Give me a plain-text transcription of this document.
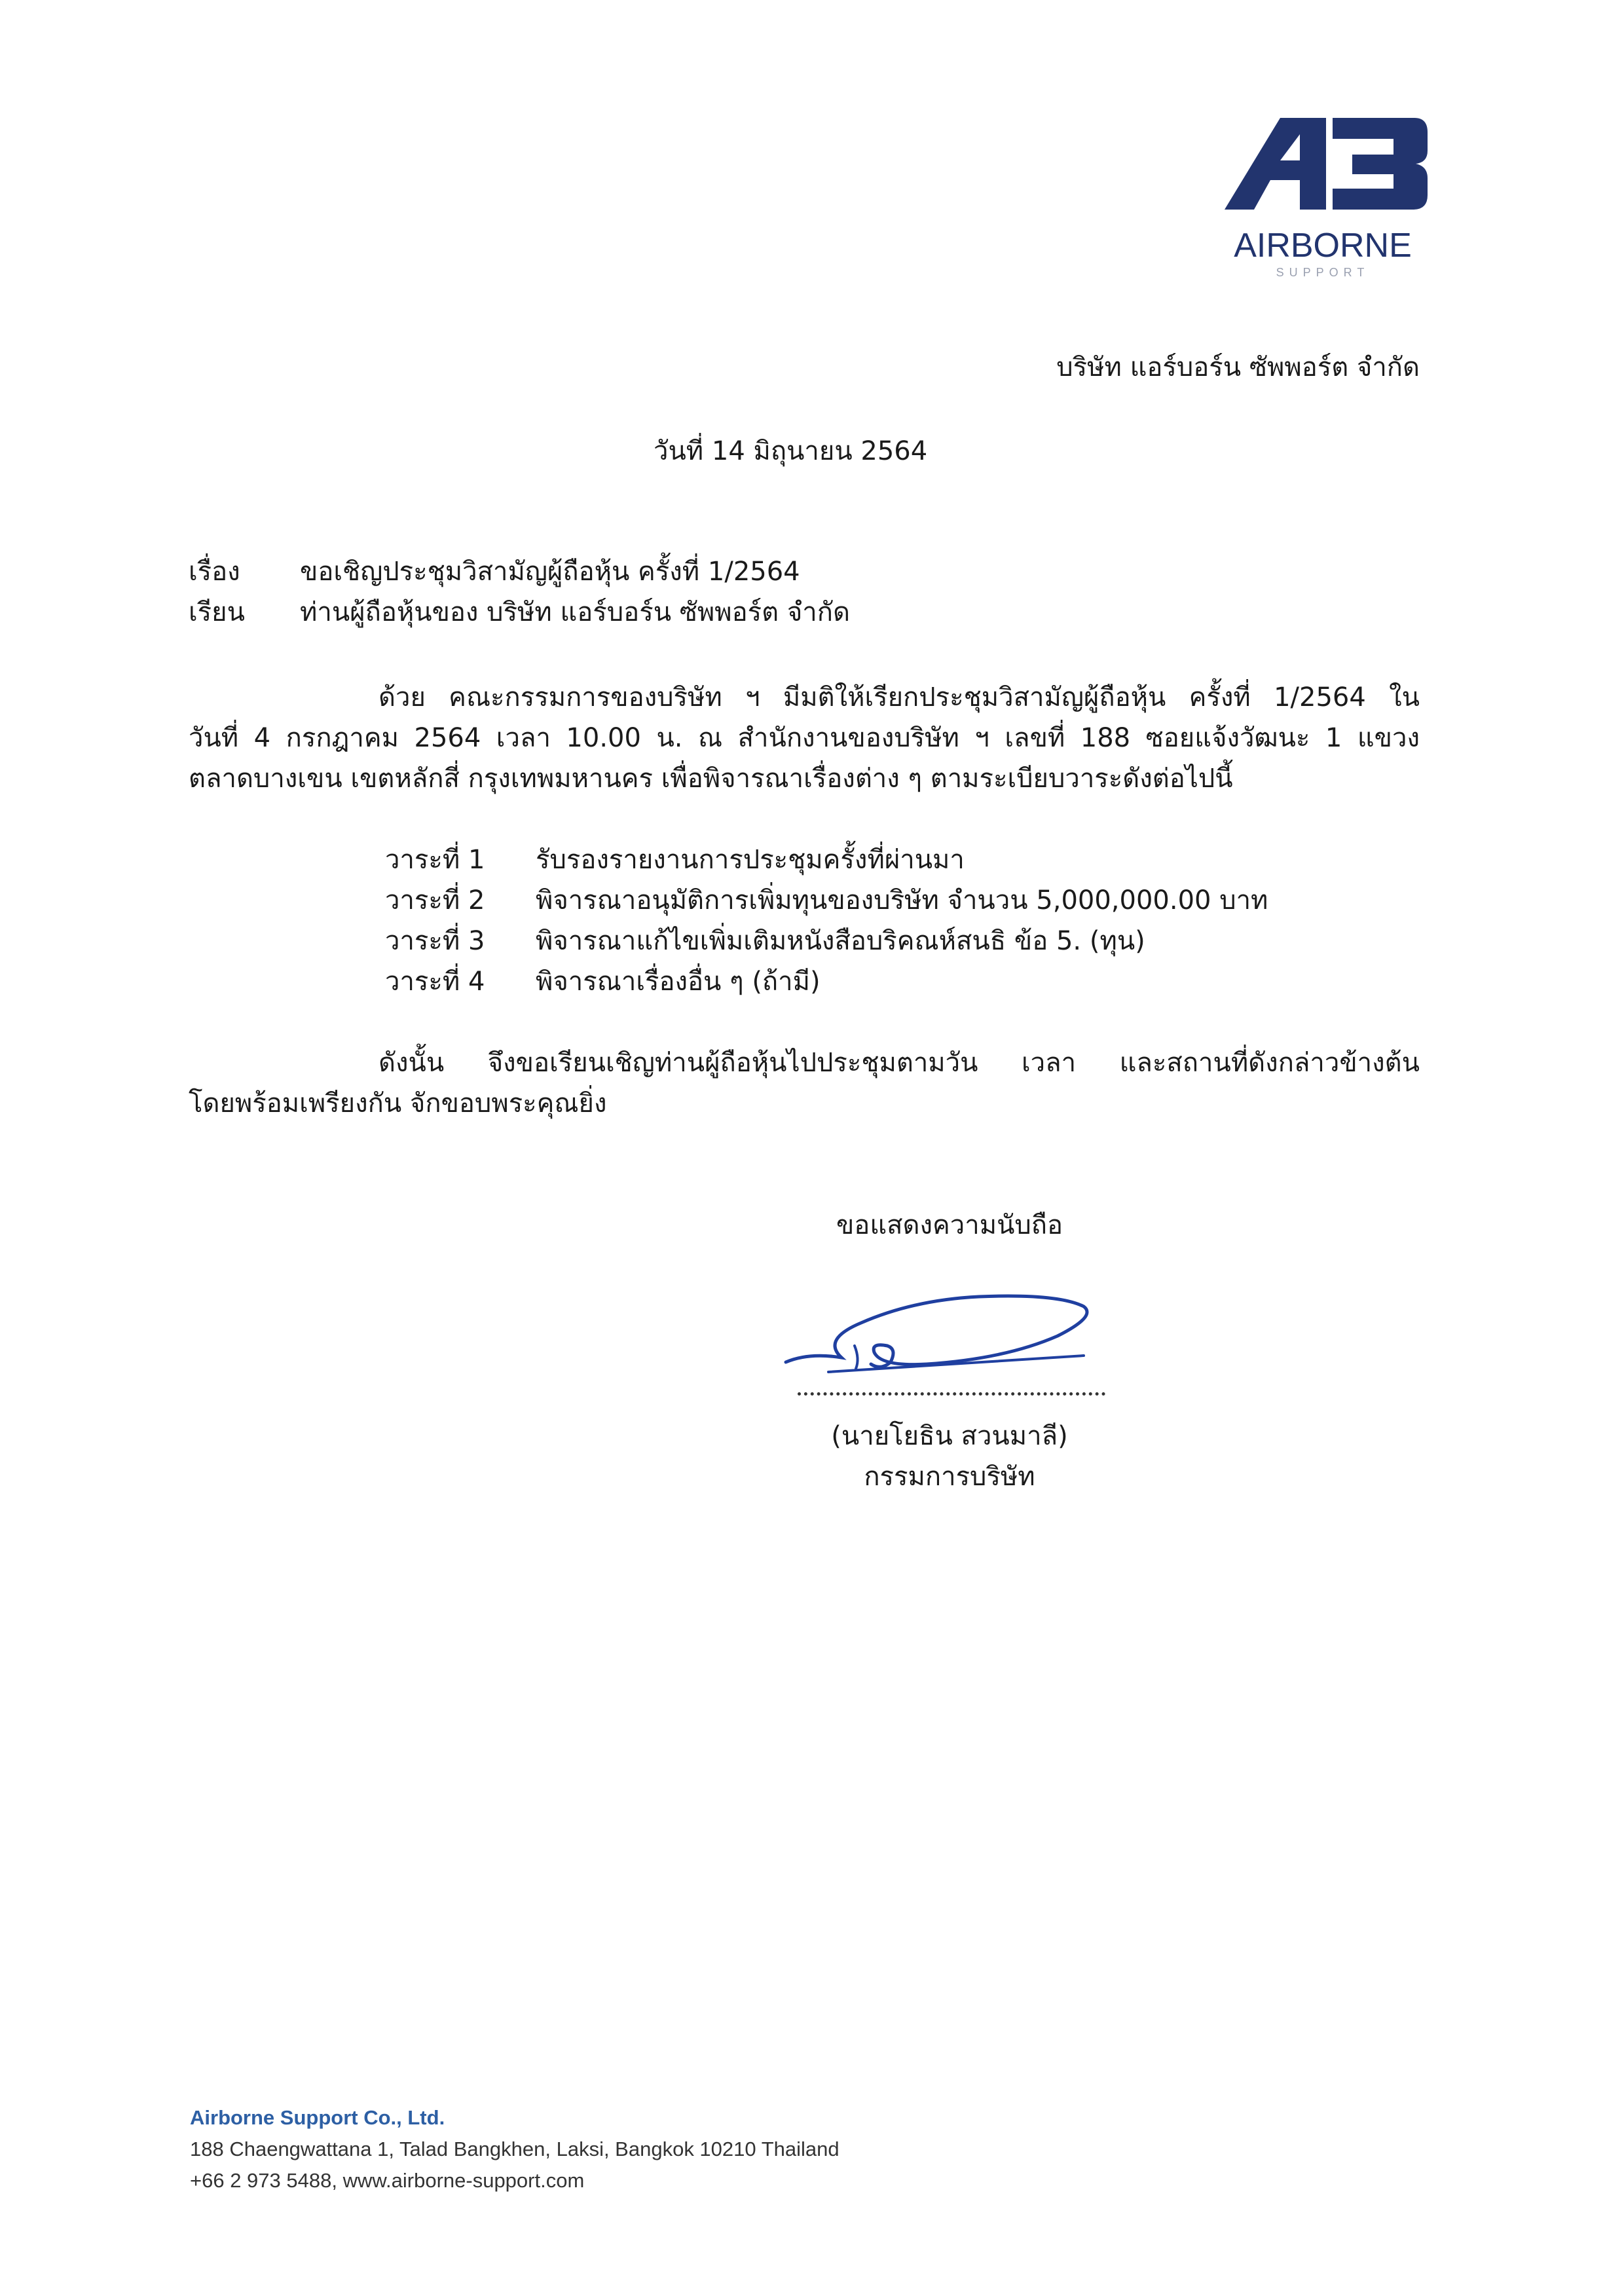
AIRBORNE
SUPPORT
บริษัท แอร์บอร์น ซัพพอร์ต จำกัด
วันที่ 14 มิถุนายน 2564
เรื่อง ขอเชิญประชุมวิสามัญผู้ถือหุ้น ครั้งที่ 1/2564
เรียน ท่านผู้ถือหุ้นของ บริษัท แอร์บอร์น ซัพพอร์ต จำกัด
ด้วย คณะกรรมการของบริษัท ฯ มีมติให้เรียกประชุมวิสามัญผู้ถือหุ้น ครั้งที่ 1/2564 ใน
วันที่ 4 กรกฎาคม 2564 เวลา 10.00 น. ณ สำนักงานของบริษัท ฯ เลขที่ 188 ซอยแจ้งวัฒนะ 1 แขวง
ตลาดบางเขน เขตหลักสี่ กรุงเทพมหานคร เพื่อพิจารณาเรื่องต่าง ๆ ตามระเบียบวาระดังต่อไปนี้
วาระที่ 1 รับรองรายงานการประชุมครั้งที่ผ่านมา
วาระที่ 2 พิจารณาอนุมัติการเพิ่มทุนของบริษัท จำนวน 5,000,000.00 บาท
วาระที่ 3 พิจารณาแก้ไขเพิ่มเติมหนังสือบริคณห์สนธิ ข้อ 5. (ทุน)
วาระที่ 4 พิจารณาเรื่องอื่น ๆ (ถ้ามี)
ดังนั้น จึงขอเรียนเชิญท่านผู้ถือหุ้นไปประชุมตามวัน เวลา และสถานที่ดังกล่าวข้างต้น
โดยพร้อมเพรียงกัน จักขอบพระคุณยิ่ง
ขอแสดงความนับถือ
(นายโยธิน สวนมาลี)
กรรมการบริษัท
Airborne Support Co., Ltd.
188 Chaengwattana 1, Talad Bangkhen, Laksi, Bangkok 10210 Thailand
+66 2 973 5488, www.airborne-support.com
